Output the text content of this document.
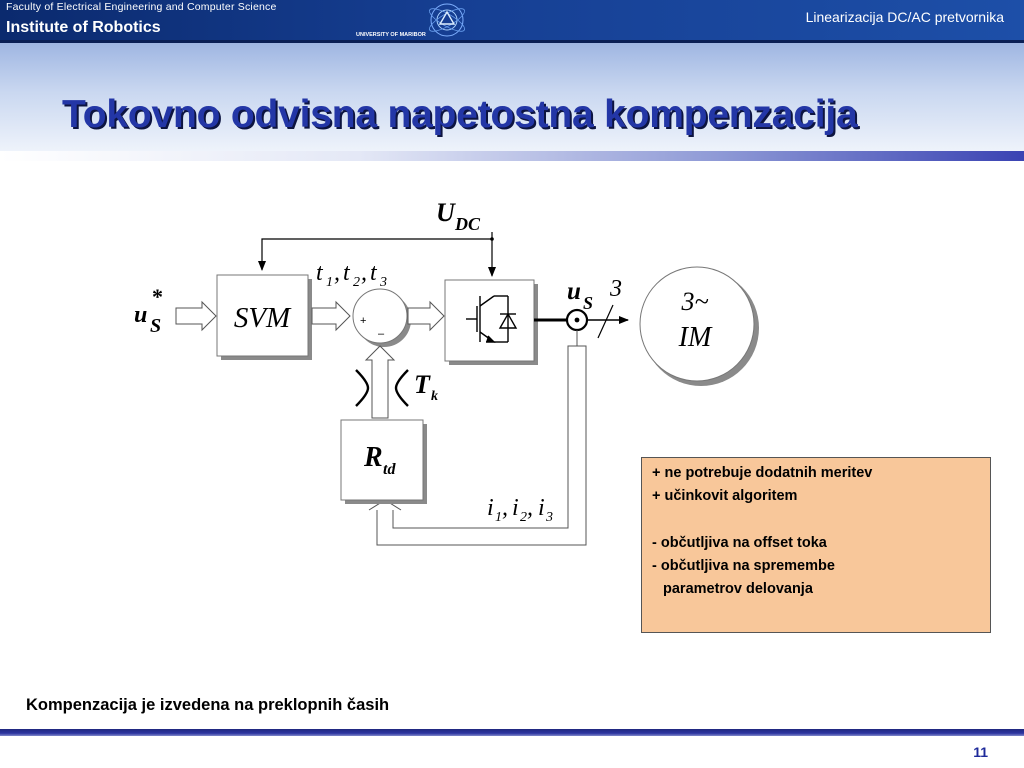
Faculty of Electrical Engineering and Computer Science
Institute of Robotics	UNIVERSITY OF MARIBOR
Linearizacija DC/AC pretvornika
Tokovno odvisna napetostna kompenzacija
u S*
SVM
UDC
t 1, t 2, t 3
+
–
Tk
Rtd
u S
3 3~
IM
i1, i2, i3

+ ne potrebuje dodatnih meritev

+ učinkovit algoritem

- občutljiva na offset toka

- občutljiva na spremembe

parametrov delovanja

Kompenzacija je izvedena na preklopnih časih
11
